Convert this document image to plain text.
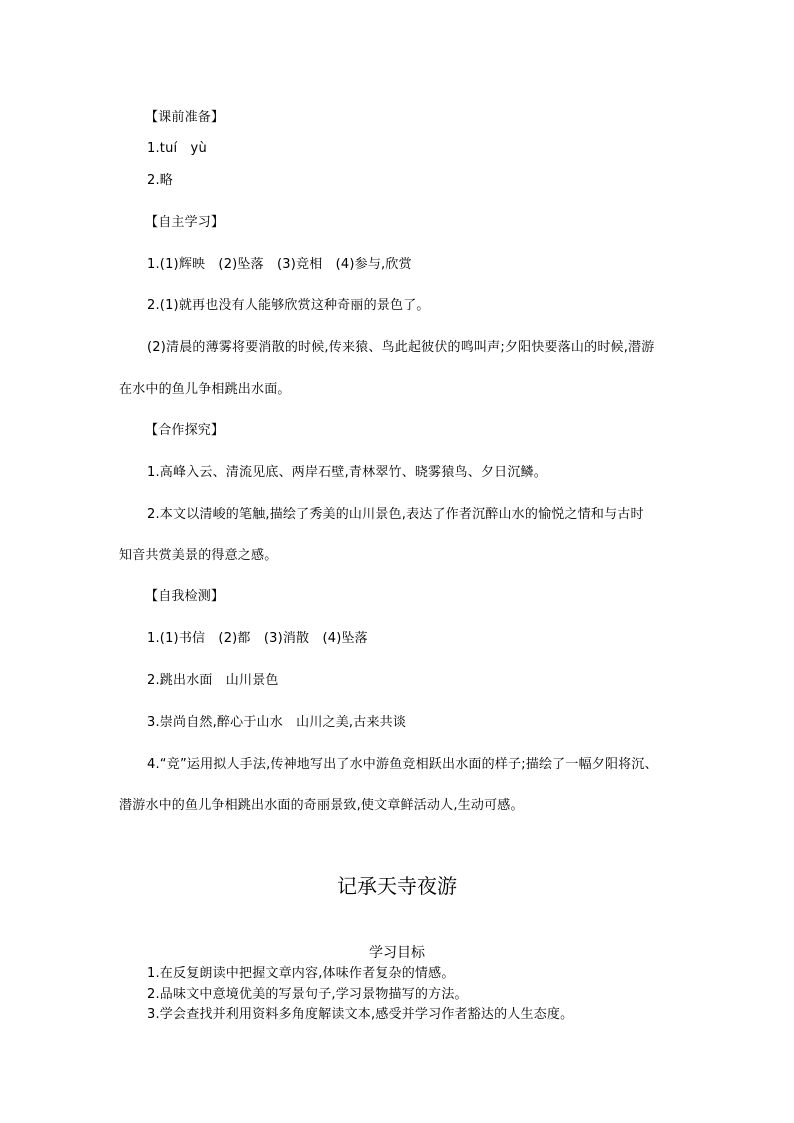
【课前准备】
1.tuí　yù
2.略
【自主学习】
1.(1)辉映　(2)坠落　(3)竞相　(4)参与,欣赏
2.(1)就再也没有人能够欣赏这种奇丽的景色了。
(2)清晨的薄雾将要消散的时候,传来猿、鸟此起彼伏的鸣叫声;夕阳快要落山的时候,潜游
在水中的鱼儿争相跳出水面。
【合作探究】
1.高峰入云、清流见底、两岸石壁,青林翠竹、晓雾猿鸟、夕日沉鳞。
2.本文以清峻的笔触,描绘了秀美的山川景色,表达了作者沉醉山水的愉悦之情和与古时
知音共赏美景的得意之感。
【自我检测】
1.(1)书信　(2)都　(3)消散　(4)坠落
2.跳出水面　山川景色
3.崇尚自然,醉心于山水　山川之美,古来共谈
4.“竞”运用拟人手法,传神地写出了水中游鱼竞相跃出水面的样子;描绘了一幅夕阳将沉、
潜游水中的鱼儿争相跳出水面的奇丽景致,使文章鲜活动人,生动可感。
记承天寺夜游
学习目标
1.在反复朗读中把握文章内容,体味作者复杂的情感。
2.品味文中意境优美的写景句子,学习景物描写的方法。
3.学会查找并利用资料多角度解读文本,感受并学习作者豁达的人生态度。
